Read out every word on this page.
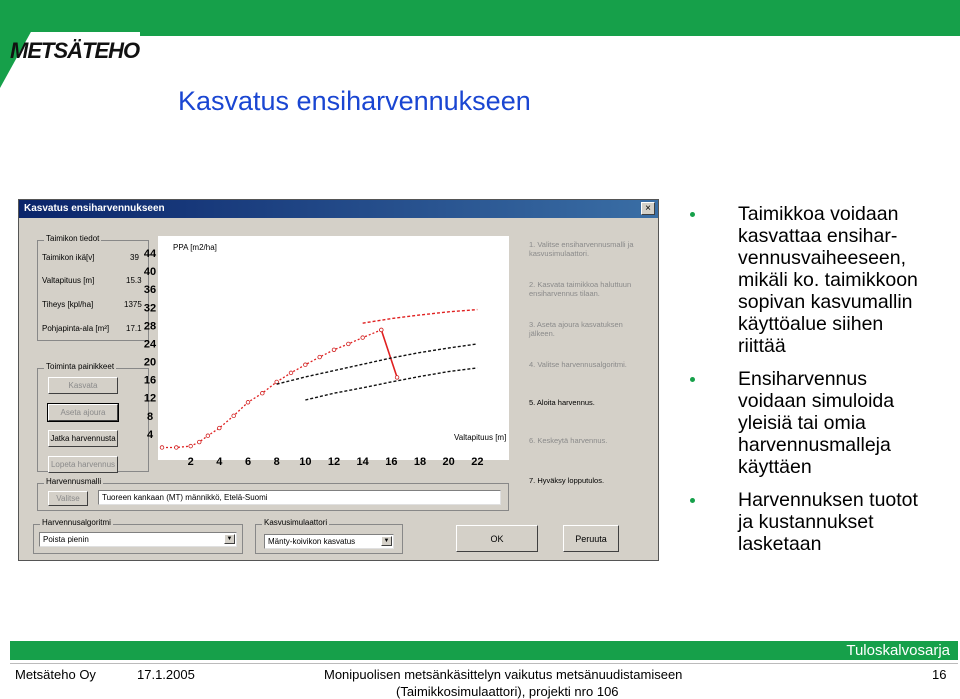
METSÄTEHO
Kasvatus ensiharvennukseen
Kasvatus ensiharvennukseen	×
Taimikon tiedot
Taimikon ikä[v]	39
Valtapituus [m]	15.3
Tiheys [kpl/ha]	1375
Pohjapinta-ala [m²] 17.1
Toiminta painikkeet
Kasvata
Aseta ajoura
Jatka harvennusta
Lopeta harvennus
Harvennusmalli
Valitse	Tuoreen kankaan (MT) männikkö, Etelä-Suomi
Harvennusalgoritmi
Poista pienin	▼
Kasvusimulaattori
Mänty-koivikon kasvatus	▼	OK	Peruuta
1. Valitse ensiharvennusmalli ja kasvusimulaattori.
2. Kasvata taimikkoa haluttuun ensiharvennus tilaan.
3. Aseta ajoura kasvatuksen jälkeen.
4. Valitse harvennusalgoritmi.
5. Aloita harvennus.
6. Keskeytä harvennus.
7. Hyväksy lopputulos.
2 4 6 8 10 12 14 16 18 20 22
4
8
12
16
20
24
28
32
36
40
44
PPA [m2/ha]
Valtapituus [m]
Taimikkoa voidaan
kasvattaa ensihar-
vennusvaiheeseen,
mikäli ko. taimikkoon
sopivan kasvumallin
käyttöalue siihen
riittää
Ensiharvennus
voidaan simuloida
yleisiä tai omia
harvennusmalleja
käyttäen
Harvennuksen tuotot
ja kustannukset
lasketaan
Tuloskalvosarja
Metsäteho Oy	17.1.2005	Monipuolisen metsänkäsittelyn vaikutus metsänuudistamiseen
(Taimikkosimulaattori), projekti nro 106
16
